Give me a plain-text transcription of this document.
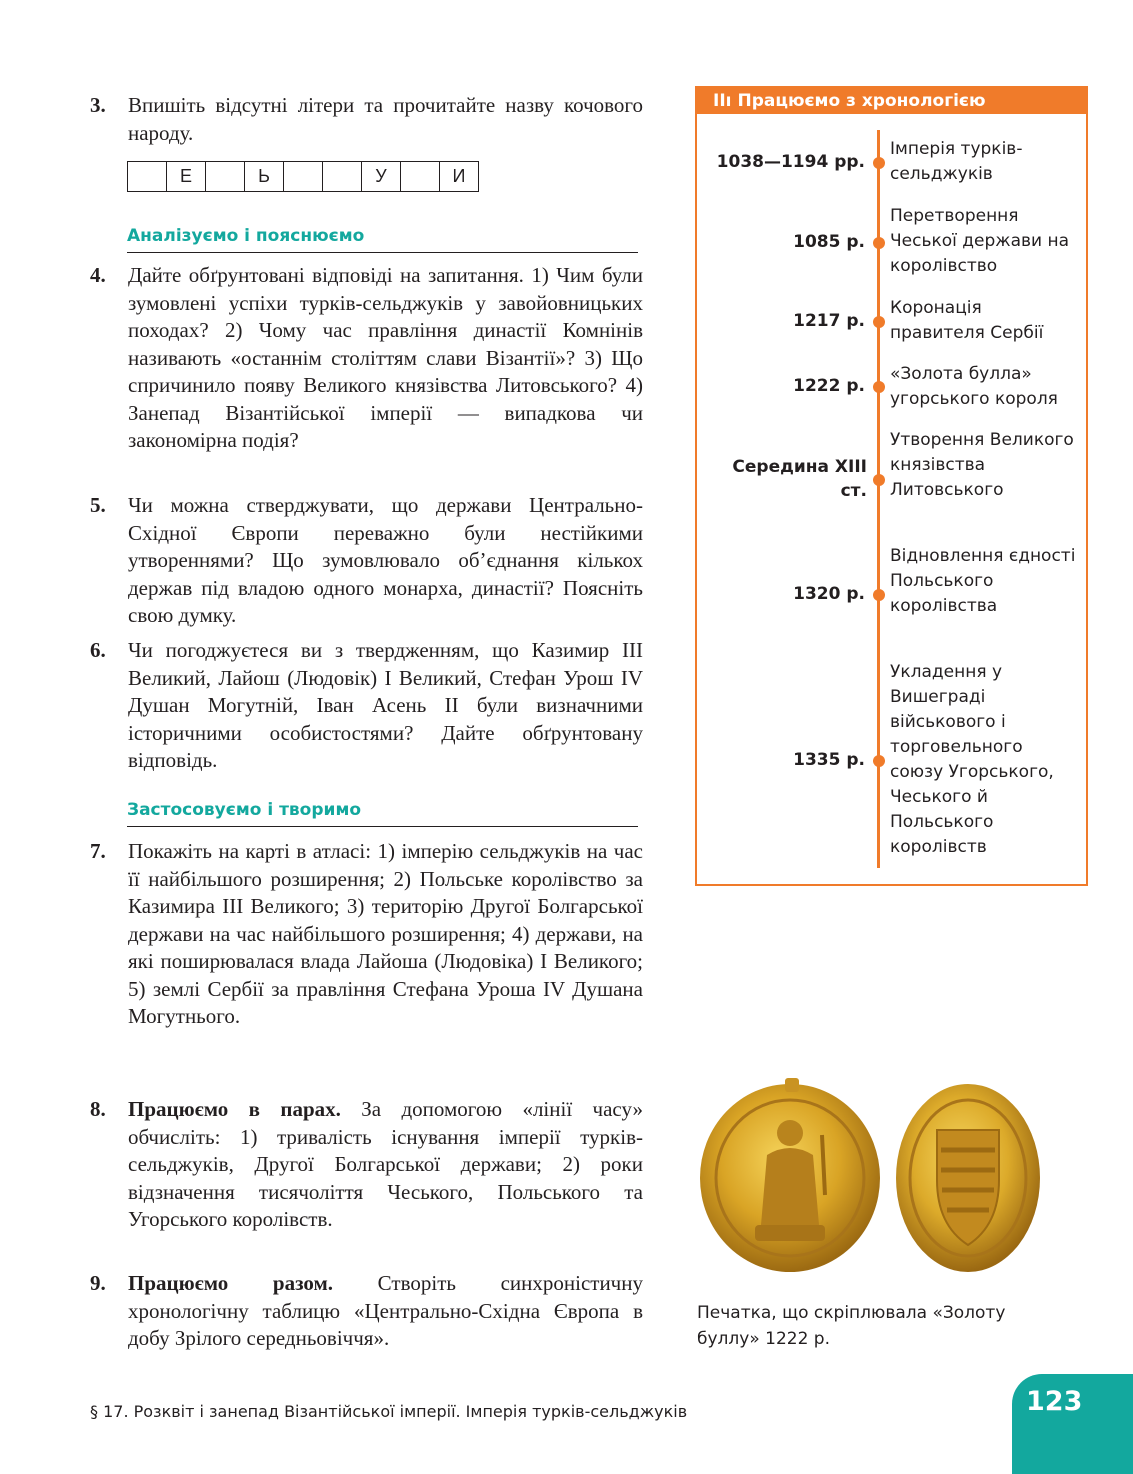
3. Впишіть відсутні літери та прочитайте назву кочового народу.
Е	Ь	У	И
Аналізуємо і пояснюємо
4. Дайте обґрунтовані відповіді на запитання. 1) Чим були зумовлені успіхи турків-сельджуків у завойовницьких походах? 2) Чому час правління династії Комнінів називають «останнім століттям слави Візантії»? 3) Що спричинило появу Великого князівства Литовського? 4) Занепад Візантійської імперії — випадкова чи закономірна подія?
5. Чи можна стверджувати, що держави Центрально-Східної Європи переважно були нестійкими утвореннями? Що зумовлювало об’єднання кількох держав під владою одного монарха, династії? Поясніть свою думку.
6. Чи погоджуєтеся ви з твердженням, що Казимир III Великий, Лайош (Людовік) I Великий, Стефан Урош IV Душан Могутній, Іван Асень II були визначними історичними особистостями? Дайте обґрунтовану відповідь.
Застосовуємо і творимо
7. Покажіть на карті в атласі: 1) імперію сельджуків на час її найбільшого розширення; 2) Польське королівство за Казимира III Великого; 3) територію Другої Болгарської держави на час найбільшого розширення; 4) держави, на які поширювалася влада Лайоша (Людовіка) I Великого; 5) землі Сербії за правління Стефана Уроша IV Душана Могутнього.
8. Працюємо в парах. За допомогою «лінії часу» обчисліть: 1) тривалість існування імперії турків-сельджуків, Другої Болгарської держави; 2) роки відзначення тисячоліття Чеського, Польського та Угорського королівств.
9. Працюємо разом. Створіть синхроністичну хронологічну таблицю «Центрально-Східна Європа в добу Зрілого середньовіччя».
IIı Працюємо з хронологією
1038—1194 рр.
Імперія турків-сельджуків
1085 р.
Перетворення Чеської держави на королівство
1217 р.
Коронація правителя Сербії
1222 р.
«Золота булла» угорського короля
Середина XIII ст.
Утворення Великого князівства Литовського
1320 р.
Відновлення єдності Польського королівства
1335 р.
Укладення у Вишеграді військового і торговельного союзу Угорського, Чеського й Польського королівств
Печатка, що скріплювала «Золоту буллу» 1222 р.
§ 17. Розквіт і занепад Візантійської імперії. Імперія турків-сельджуків	123
